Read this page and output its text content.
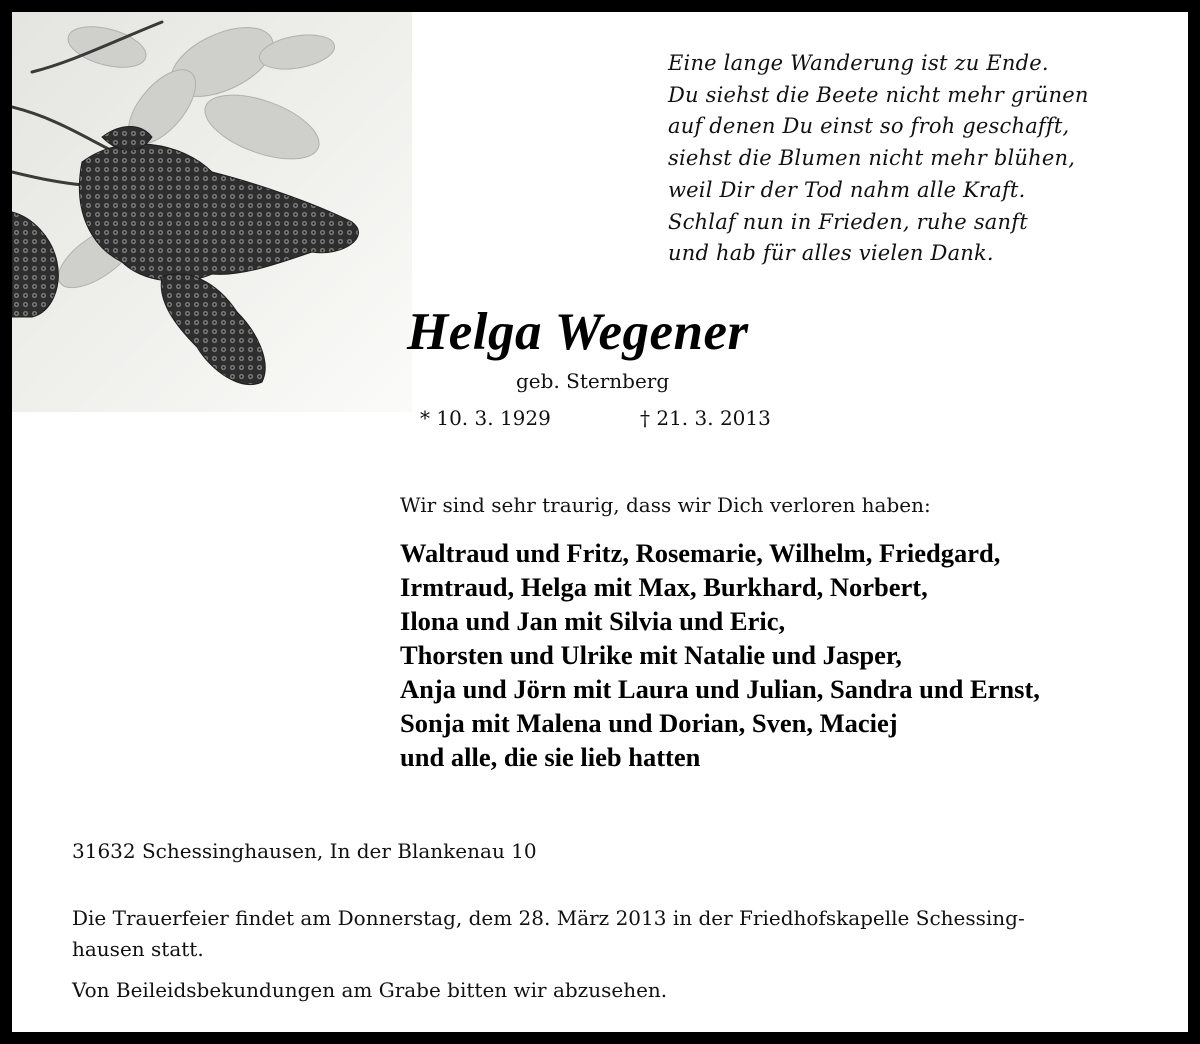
Eine lange Wanderung ist zu Ende.
Du siehst die Beete nicht mehr grünen
auf denen Du einst so froh geschafft,
siehst die Blumen nicht mehr blühen,
weil Dir der Tod nahm alle Kraft.
Schlaf nun in Frieden, ruhe sanft
und hab für alles vielen Dank.
Helga Wegener
geb. Sternberg
* 10. 3. 1929	† 21. 3. 2013
Wir sind sehr traurig, dass wir Dich verloren haben:
Waltraud und Fritz, Rosemarie, Wilhelm, Friedgard,
Irmtraud, Helga mit Max, Burkhard, Norbert,
Ilona und Jan mit Silvia und Eric,
Thorsten und Ulrike mit Natalie und Jasper,
Anja und Jörn mit Laura und Julian, Sandra und Ernst,
Sonja mit Malena und Dorian, Sven, Maciej
und alle, die sie lieb hatten
31632 Schessinghausen, In der Blankenau 10
Die Trauerfeier findet am Donnerstag, dem 28. März 2013 in der Friedhofskapelle Schessing-
hausen statt.
Von Beileidsbekundungen am Grabe bitten wir abzusehen.
